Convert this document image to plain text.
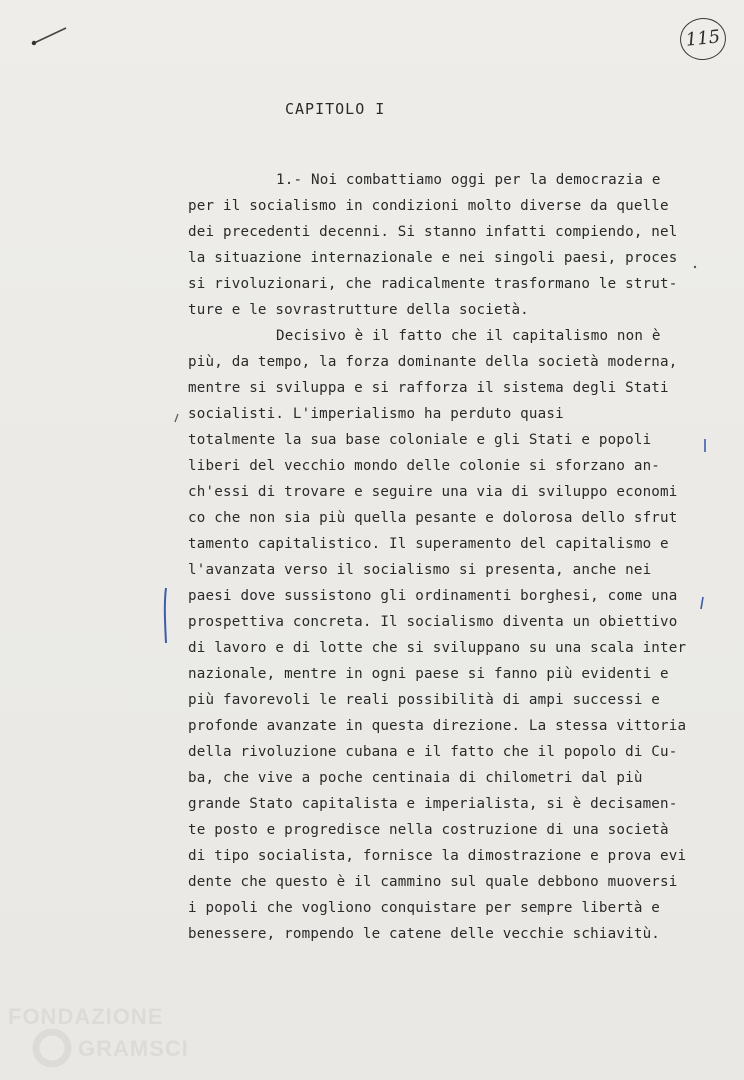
115
CAPITOLO I
1.- Noi combattiamo oggi per la democrazia e
per il socialismo in condizioni molto diverse da quelle
dei precedenti decenni. Si stanno infatti compiendo, nel
la situazione internazionale e nei singoli paesi, proces
si rivoluzionari, che radicalmente trasformano le strut-
ture e le sovrastrutture della società.
Decisivo è il fatto che il capitalismo non è
più, da tempo, la forza dominante della società moderna,
mentre si sviluppa e si rafforza il sistema degli Stati
socialisti. L'imperialismo ha perduto quasi
totalmente la sua base coloniale e gli Stati e popoli
liberi del vecchio mondo delle colonie si sforzano an-
ch'essi di trovare e seguire una via di sviluppo economi
co che non sia più quella pesante e dolorosa dello sfrut
tamento capitalistico. Il superamento del capitalismo e
l'avanzata verso il socialismo si presenta, anche nei
paesi dove sussistono gli ordinamenti borghesi, come una
prospettiva concreta. Il socialismo diventa un obiettivo
di lavoro e di lotte che si sviluppano su una scala inter
nazionale, mentre in ogni paese si fanno più evidenti e
più favorevoli le reali possibilità di ampi successi e
profonde avanzate in questa direzione. La stessa vittoria
della rivoluzione cubana e il fatto che il popolo di Cu-
ba, che vive a poche centinaia di chilometri dal più
grande Stato capitalista e imperialista, si è decisamen-
te posto e progredisce nella costruzione di una società
di tipo socialista, fornisce la dimostrazione e prova evi
dente che questo è il cammino sul quale debbono muoversi
i popoli che vogliono conquistare per sempre libertà e
benessere, rompendo le catene delle vecchie schiavitù.
FONDAZIONE
GRAMSCI
